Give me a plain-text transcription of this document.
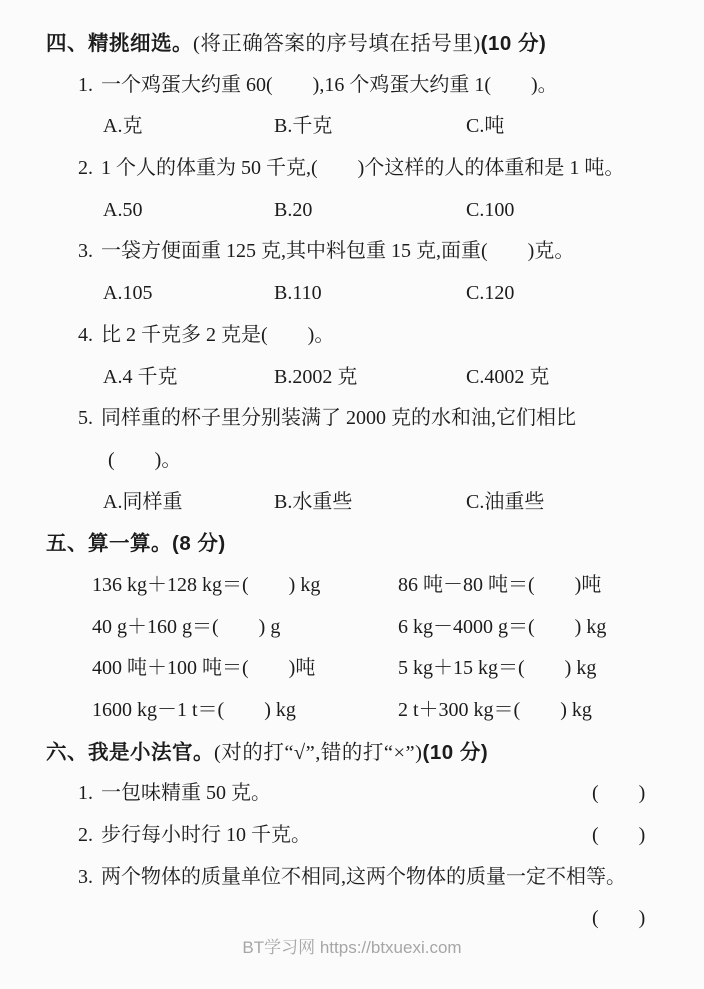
四、精挑细选。(将正确答案的序号填在括号里)(10 分)
1. 一个鸡蛋大约重 60(　　),16 个鸡蛋大约重 1(　　)。
A.克	B.千克	C.吨
2. 1 个人的体重为 50 千克,(　　)个这样的人的体重和是 1 吨。
A.50	B.20	C.100
3. 一袋方便面重 125 克,其中料包重 15 克,面重(　　)克。
A.105	B.110	C.120
4. 比 2 千克多 2 克是(　　)。
A.4 千克	B.2002 克	C.4002 克
5. 同样重的杯子里分别装满了 2000 克的水和油,它们相比
(　　)。
A.同样重	B.水重些	C.油重些
五、算一算。(8 分)
136 kg＋128 kg＝(　　) kg	86 吨－80 吨＝(　　)吨
40 g＋160 g＝(　　) g	6 kg－4000 g＝(　　) kg
400 吨＋100 吨＝(　　)吨	5 kg＋15 kg＝(　　) kg
1600 kg－1 t＝(　　) kg	2 t＋300 kg＝(　　) kg
六、我是小法官。(对的打“√”,错的打“×”)(10 分)
1. 一包味精重 50 克。	(　　)
2. 步行每小时行 10 千克。	(　　)
3. 两个物体的质量单位不相同,这两个物体的质量一定不相等。
(　　)
BT学习网 https://btxuexi.com
